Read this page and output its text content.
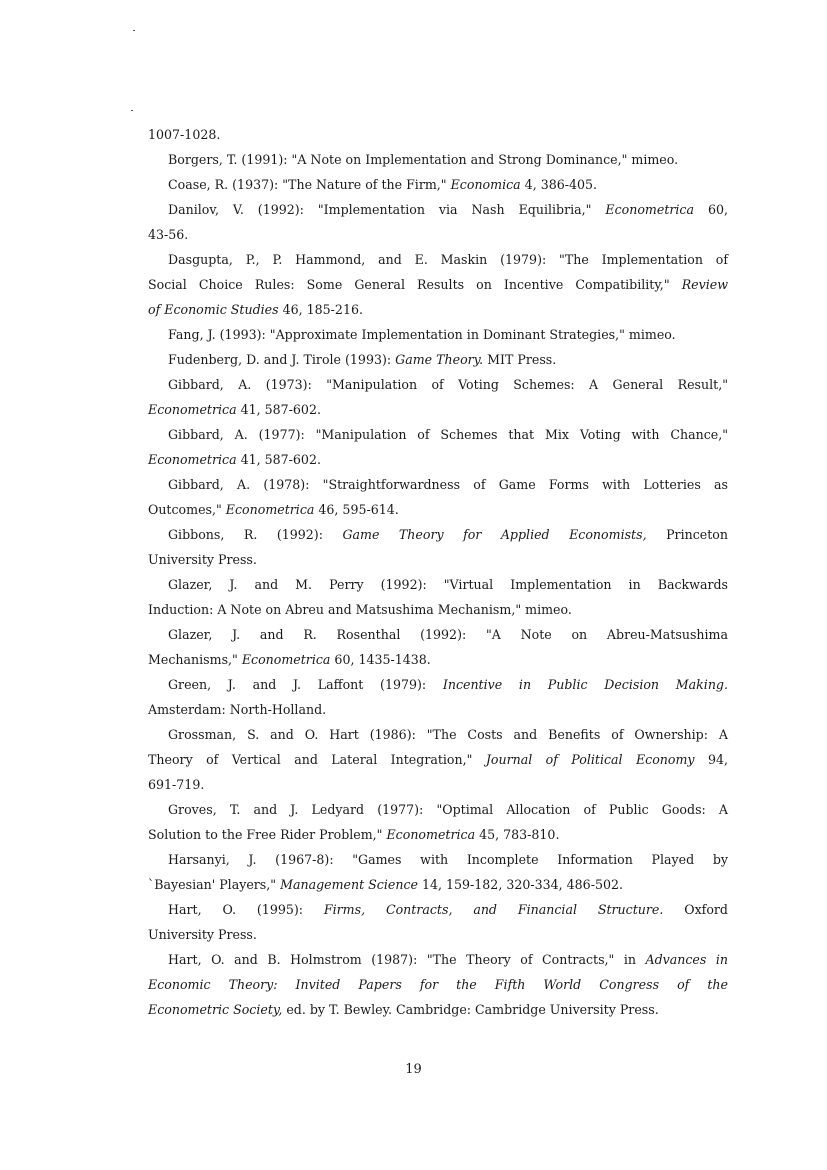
1007-1028.
Borgers, T. (1991): "A Note on Implementation and Strong Dominance," mimeo.
Coase, R. (1937): "The Nature of the Firm," Economica 4, 386-405.
Danilov, V. (1992): "Implementation via Nash Equilibria," Econometrica 60,
43-56.
Dasgupta, P., P. Hammond, and E. Maskin (1979): "The Implementation of
Social Choice Rules: Some General Results on Incentive Compatibility," Review
of Economic Studies 46, 185-216.
Fang, J. (1993): "Approximate Implementation in Dominant Strategies," mimeo.
Fudenberg, D. and J. Tirole (1993): Game Theory. MIT Press.
Gibbard, A. (1973): "Manipulation of Voting Schemes: A General Result,"
Econometrica 41, 587-602.
Gibbard, A. (1977): "Manipulation of Schemes that Mix Voting with Chance,"
Econometrica 41, 587-602.
Gibbard, A. (1978): "Straightforwardness of Game Forms with Lotteries as
Outcomes," Econometrica 46, 595-614.
Gibbons, R. (1992): Game Theory for Applied Economists, Princeton
University Press.
Glazer, J. and M. Perry (1992): "Virtual Implementation in Backwards
Induction: A Note on Abreu and Matsushima Mechanism," mimeo.
Glazer, J. and R. Rosenthal (1992): "A Note on Abreu-Matsushima
Mechanisms," Econometrica 60, 1435-1438.
Green, J. and J. Laffont (1979): Incentive in Public Decision Making.
Amsterdam: North-Holland.
Grossman, S. and O. Hart (1986): "The Costs and Benefits of Ownership: A
Theory of Vertical and Lateral Integration," Journal of Political Economy 94,
691-719.
Groves, T. and J. Ledyard (1977): "Optimal Allocation of Public Goods: A
Solution to the Free Rider Problem," Econometrica 45, 783-810.
Harsanyi, J. (1967-8): "Games with Incomplete Information Played by
`Bayesian' Players," Management Science 14, 159-182, 320-334, 486-502.
Hart, O. (1995): Firms, Contracts, and Financial Structure. Oxford
University Press.
Hart, O. and B. Holmstrom (1987): "The Theory of Contracts," in Advances in
Economic Theory: Invited Papers for the Fifth World Congress of the
Econometric Society, ed. by T. Bewley. Cambridge: Cambridge University Press.
19
